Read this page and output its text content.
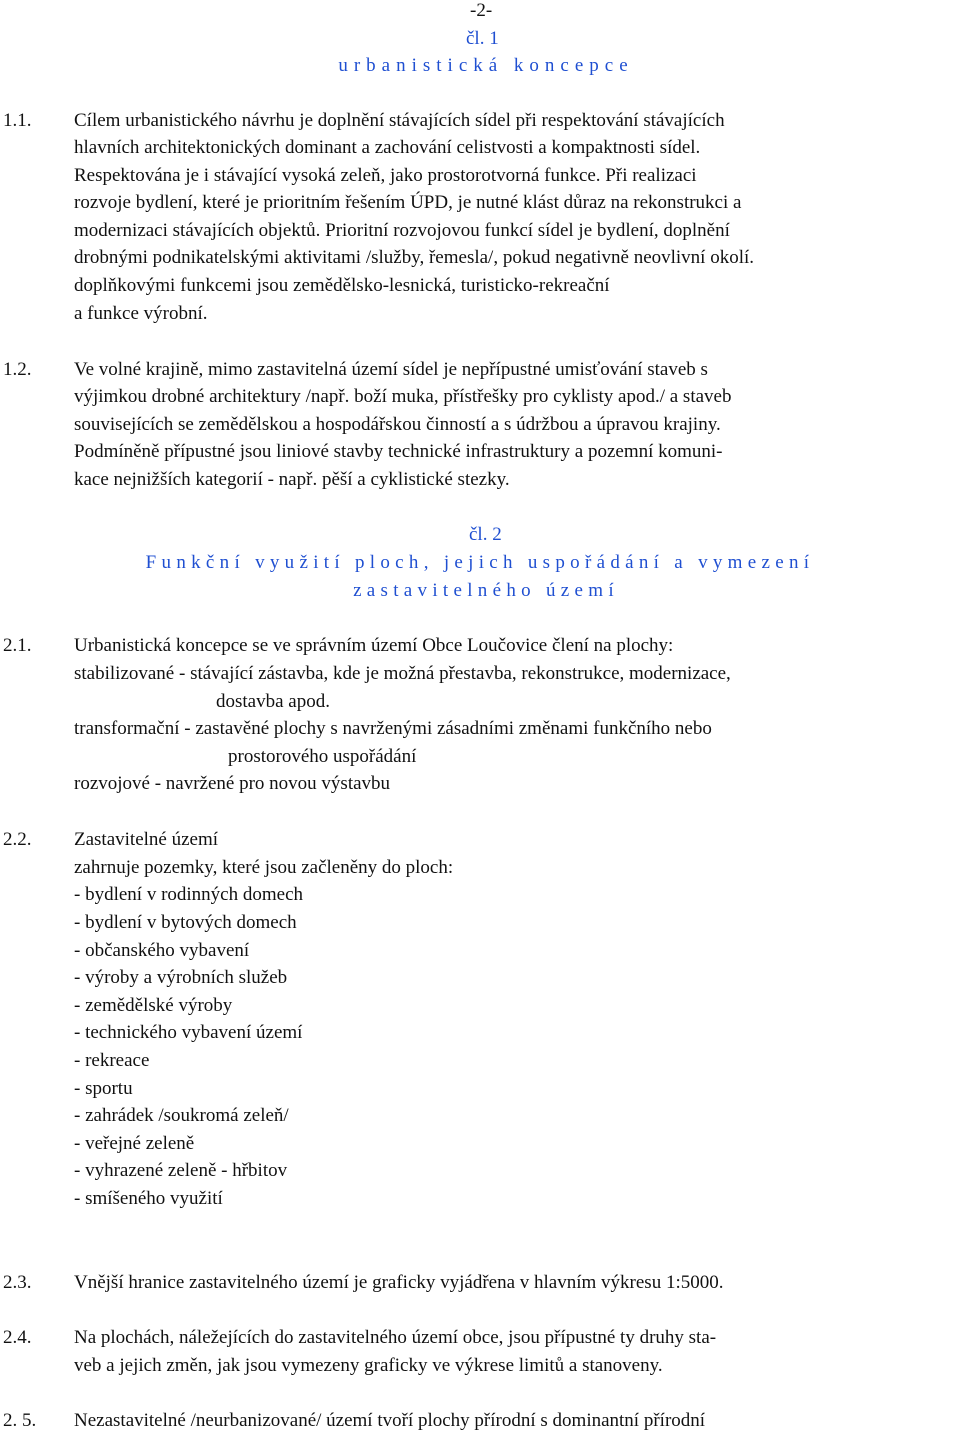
-2-
čl. 1
urbanistická koncepce
1.1. Cílem urbanistického návrhu je doplnění stávajících sídel při respektování stávajících
hlavních architektonických dominant a zachování celistvosti a kompaktnosti sídel.
Respektována je i stávající vysoká zeleň, jako prostorotvorná funkce. Při realizaci
rozvoje bydlení, které je prioritním řešením ÚPD, je nutné klást důraz na rekonstrukci a
modernizaci stávajících objektů. Prioritní rozvojovou funkcí sídel je bydlení, doplnění
drobnými podnikatelskými aktivitami /služby, řemesla/, pokud negativně neovlivní okolí.
doplňkovými funkcemi jsou zemědělsko-lesnická, turisticko-rekreační
a funkce výrobní.
1.2. Ve volné krajině, mimo zastavitelná území sídel je nepřípustné umisťování staveb s
výjimkou drobné architektury /např. boží muka, přístřešky pro cyklisty apod./ a staveb
souvisejících se zemědělskou a hospodářskou činností a s údržbou a úpravou krajiny.
Podmíněně přípustné jsou liniové stavby technické infrastruktury a pozemní komuni-
kace nejnižších kategorií - např. pěší a cyklistické stezky.
čl. 2
Funkční využití ploch, jejich uspořádání a vymezení
zastavitelného území
2.1. Urbanistická koncepce se ve správním území Obce Loučovice člení na plochy:
stabilizované - stávající zástavba, kde je možná přestavba, rekonstrukce, modernizace,
dostavba apod.
transformační - zastavěné plochy s navrženými zásadními změnami funkčního nebo
prostorového uspořádání
rozvojové - navržené pro novou výstavbu
2.2. Zastavitelné území
zahrnuje pozemky, které jsou začleněny do ploch:
- bydlení v rodinných domech
- bydlení v bytových domech
- občanského vybavení
- výroby a výrobních služeb
- zemědělské výroby
- technického vybavení území
- rekreace
- sportu
- zahrádek /soukromá zeleň/
- veřejné zeleně
- vyhrazené zeleně - hřbitov
- smíšeného využití
2.3. Vnější hranice zastavitelného území je graficky vyjádřena v hlavním výkresu 1:5000.
2.4. Na plochách, náležejících do zastavitelného území obce, jsou přípustné ty druhy sta-
veb a jejich změn, jak jsou vymezeny graficky ve výkrese limitů a stanoveny.
2. 5. Nezastavitelné /neurbanizované/ území tvoří plochy přírodní s dominantní přírodní
